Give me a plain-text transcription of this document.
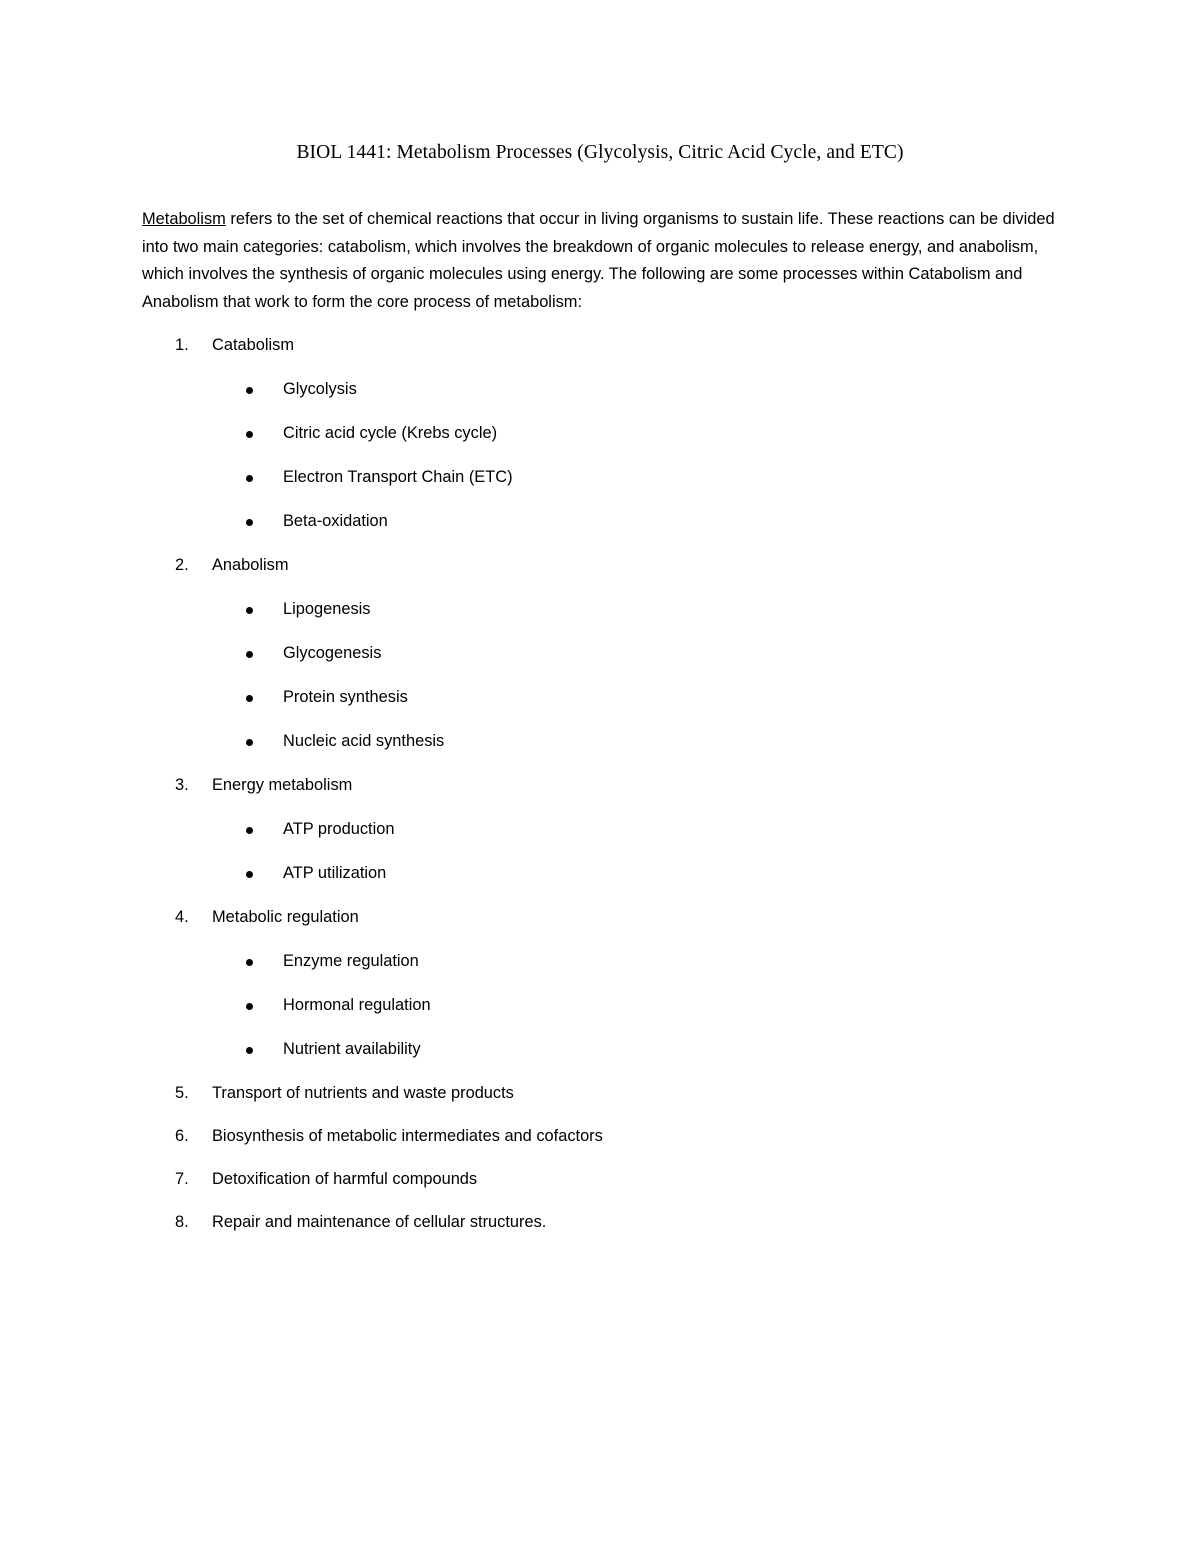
BIOL 1441: Metabolism Processes (Glycolysis, Citric Acid Cycle, and ETC)
Metabolism refers to the set of chemical reactions that occur in living organisms to sustain life. These reactions can be divided into two main categories: catabolism, which involves the breakdown of organic molecules to release energy, and anabolism, which involves the synthesis of organic molecules using energy. The following are some processes within Catabolism and Anabolism that work to form the core process of metabolism:
1. Catabolism
Glycolysis
Citric acid cycle (Krebs cycle)
Electron Transport Chain (ETC)
Beta-oxidation
2. Anabolism
Lipogenesis
Glycogenesis
Protein synthesis
Nucleic acid synthesis
3. Energy metabolism
ATP production
ATP utilization
4. Metabolic regulation
Enzyme regulation
Hormonal regulation
Nutrient availability
5. Transport of nutrients and waste products
6. Biosynthesis of metabolic intermediates and cofactors
7. Detoxification of harmful compounds
8. Repair and maintenance of cellular structures.
